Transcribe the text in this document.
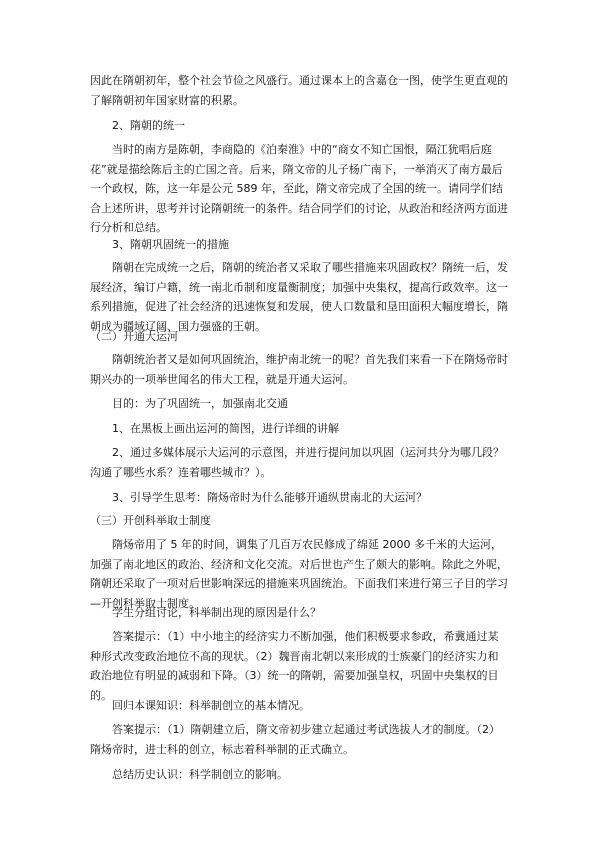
因此在隋朝初年，整个社会节俭之风盛行。通过课本上的含嘉仓一图，使学生更直观的了解隋朝初年国家财富的积累。

2、隋朝的统一

当时的南方是陈朝，李商隐的《泊秦淮》中的“商女不知亡国恨，隔江犹唱后庭花”就是描绘陈后主的亡国之音。后来，隋文帝的儿子杨广南下，一举消灭了南方最后一个政权，陈，这一年是公元 589 年，至此，隋文帝完成了全国的统一。请同学们结合上述所讲，思考并讨论隋朝统一的条件。结合同学们的讨论，从政治和经济两方面进行分析和总结。

3、隋朝巩固统一的措施

隋朝在完成统一之后，隋朝的统治者又采取了哪些措施来巩固政权？隋统一后，发展经济，编订户籍，统一南北币制和度量衡制度；加强中央集权，提高行政效率。这一系列措施，促进了社会经济的迅速恢复和发展，使人口数量和垦田面积大幅度增长，隋朝成为疆域辽阔、国力强盛的王朝。

（二）开通大运河

隋朝统治者又是如何巩固统治，维护南北统一的呢？首先我们来看一下在隋炀帝时期兴办的一项举世闻名的伟大工程，就是开通大运河。

目的：为了巩固统一，加强南北交通

1、在黑板上画出运河的简图，进行详细的讲解

2、通过多媒体展示大运河的示意图，并进行提问加以巩固（运河共分为哪几段？沟通了哪些水系？连着哪些城市？）。

3、引导学生思考：隋炀帝时为什么能够开通纵贯南北的大运河？

（三）开创科举取士制度

隋炀帝用了 5 年的时间，调集了几百万农民修成了绵延 2000 多千米的大运河，加强了南北地区的政治、经济和文化交流。对后世也产生了颇大的影响。除此之外呢，隋朝还采取了一项对后世影响深远的措施来巩固统治。下面我们来进行第三子目的学习—开创科举取士制度。

学生分组讨论，科举制出现的原因是什么？

答案提示：（1）中小地主的经济实力不断加强，他们积极要求参政，希冀通过某种形式改变政治地位不高的现状。（2）魏晋南北朝以来形成的士族豪门的经济实力和政治地位有明显的减弱和下降。（3）统一的隋朝，需要加强皇权，巩固中央集权的目的。

回归本课知识：科举制创立的基本情况。

答案提示：（1）隋朝建立后，隋文帝初步建立起通过考试选拔人才的制度。（2）隋炀帝时，进士科的创立，标志着科举制的正式确立。

总结历史认识：科学制创立的影响。
